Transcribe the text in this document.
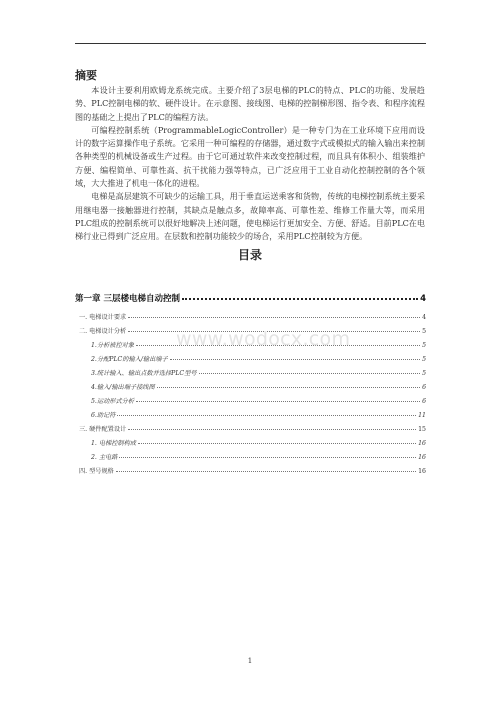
摘要

本设计主要利用欧姆龙系统完成。主要介绍了3层电梯的PLC的特点、PLC的功能、发展趋势、PLC控制电梯的软、硬件设计。在示意图、接线图、电梯的控制梯形图、指令表、和程序流程图的基础之上提出了PLC的编程方法。

可编程控制系统（ProgrammableLogicController）是一种专门为在工业环境下应用而设计的数字运算操作电子系统。它采用一种可编程的存储器，通过数字式或模拟式的输入输出来控制各种类型的机械设备或生产过程。由于它可通过软件来改变控制过程，而且具有体积小、组装维护方便、编程简单、可靠性高、抗干扰能力强等特点，已广泛应用于工业自动化控制控制的各个领域，大大推进了机电一体化的进程。

电梯是高层建筑不可缺少的运输工具，用于垂直运送乘客和货物，传统的电梯控制系统主要采用继电器一接触器进行控制，其缺点是触点多，故障率高、可靠性差、维修工作量大等，而采用 PLC组成的控制系统可以很好地解决上述问题，使电梯运行更加安全、方便、舒适。目前PLC在电梯行业已得到广泛应用。在层数和控制功能较少的场合，采用PLC控制较为方便。

目录
第一章 三层楼电梯自动控制	4
一. 电梯设计要求	4
二. 电梯设计分析	5
1.分析被控对象	5
2.分配PLC的输入/输出端子	5
3.统计输入、输出点数并选择PLC型号	5
4.输入/输出端子接线图	6
5.运动形式分析	6
6.助记符	11
三. 硬件配置设计	15
1. 电梯控制构成	16
2. 主电路	16
四. 型号规格	16
www.wodocx.com
1
